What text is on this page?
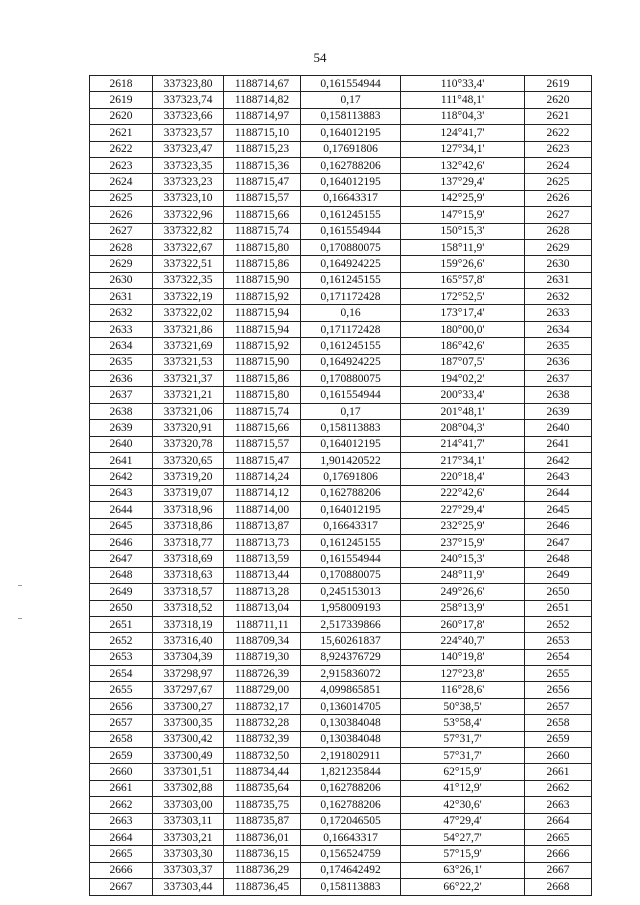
54
2618	337323,80	1188714,67	0,161554944	110°33,4'	2619
2619	337323,74	1188714,82	0,17	111°48,1'	2620
2620	337323,66	1188714,97	0,158113883	118°04,3'	2621
2621	337323,57	1188715,10	0,164012195	124°41,7'	2622
2622	337323,47	1188715,23	0,17691806	127°34,1'	2623
2623	337323,35	1188715,36	0,162788206	132°42,6'	2624
2624	337323,23	1188715,47	0,164012195	137°29,4'	2625
2625	337323,10	1188715,57	0,16643317	142°25,9'	2626
2626	337322,96	1188715,66	0,161245155	147°15,9'	2627
2627	337322,82	1188715,74	0,161554944	150°15,3'	2628
2628	337322,67	1188715,80	0,170880075	158°11,9'	2629
2629	337322,51	1188715,86	0,164924225	159°26,6'	2630
2630	337322,35	1188715,90	0,161245155	165°57,8'	2631
2631	337322,19	1188715,92	0,171172428	172°52,5'	2632
2632	337322,02	1188715,94	0,16	173°17,4'	2633
2633	337321,86	1188715,94	0,171172428	180°00,0'	2634
2634	337321,69	1188715,92	0,161245155	186°42,6'	2635
2635	337321,53	1188715,90	0,164924225	187°07,5'	2636
2636	337321,37	1188715,86	0,170880075	194°02,2'	2637
2637	337321,21	1188715,80	0,161554944	200°33,4'	2638
2638	337321,06	1188715,74	0,17	201°48,1'	2639
2639	337320,91	1188715,66	0,158113883	208°04,3'	2640
2640	337320,78	1188715,57	0,164012195	214°41,7'	2641
2641	337320,65	1188715,47	1,901420522	217°34,1'	2642
2642	337319,20	1188714,24	0,17691806	220°18,4'	2643
2643	337319,07	1188714,12	0,162788206	222°42,6'	2644
2644	337318,96	1188714,00	0,164012195	227°29,4'	2645
2645	337318,86	1188713,87	0,16643317	232°25,9'	2646
2646	337318,77	1188713,73	0,161245155	237°15,9'	2647
2647	337318,69	1188713,59	0,161554944	240°15,3'	2648
2648	337318,63	1188713,44	0,170880075	248°11,9'	2649
2649	337318,57	1188713,28	0,245153013	249°26,6'	2650
2650	337318,52	1188713,04	1,958009193	258°13,9'	2651
2651	337318,19	1188711,11	2,517339866	260°17,8'	2652
2652	337316,40	1188709,34	15,60261837	224°40,7'	2653
2653	337304,39	1188719,30	8,924376729	140°19,8'	2654
2654	337298,97	1188726,39	2,915836072	127°23,8'	2655
2655	337297,67	1188729,00	4,099865851	116°28,6'	2656
2656	337300,27	1188732,17	0,136014705	50°38,5'	2657
2657	337300,35	1188732,28	0,130384048	53°58,4'	2658
2658	337300,42	1188732,39	0,130384048	57°31,7'	2659
2659	337300,49	1188732,50	2,191802911	57°31,7'	2660
2660	337301,51	1188734,44	1,821235844	62°15,9'	2661
2661	337302,88	1188735,64	0,162788206	41°12,9'	2662
2662	337303,00	1188735,75	0,162788206	42°30,6'	2663
2663	337303,11	1188735,87	0,172046505	47°29,4'	2664
2664	337303,21	1188736,01	0,16643317	54°27,7'	2665
2665	337303,30	1188736,15	0,156524759	57°15,9'	2666
2666	337303,37	1188736,29	0,174642492	63°26,1'	2667
2667	337303,44	1188736,45	0,158113883	66°22,2'	2668
